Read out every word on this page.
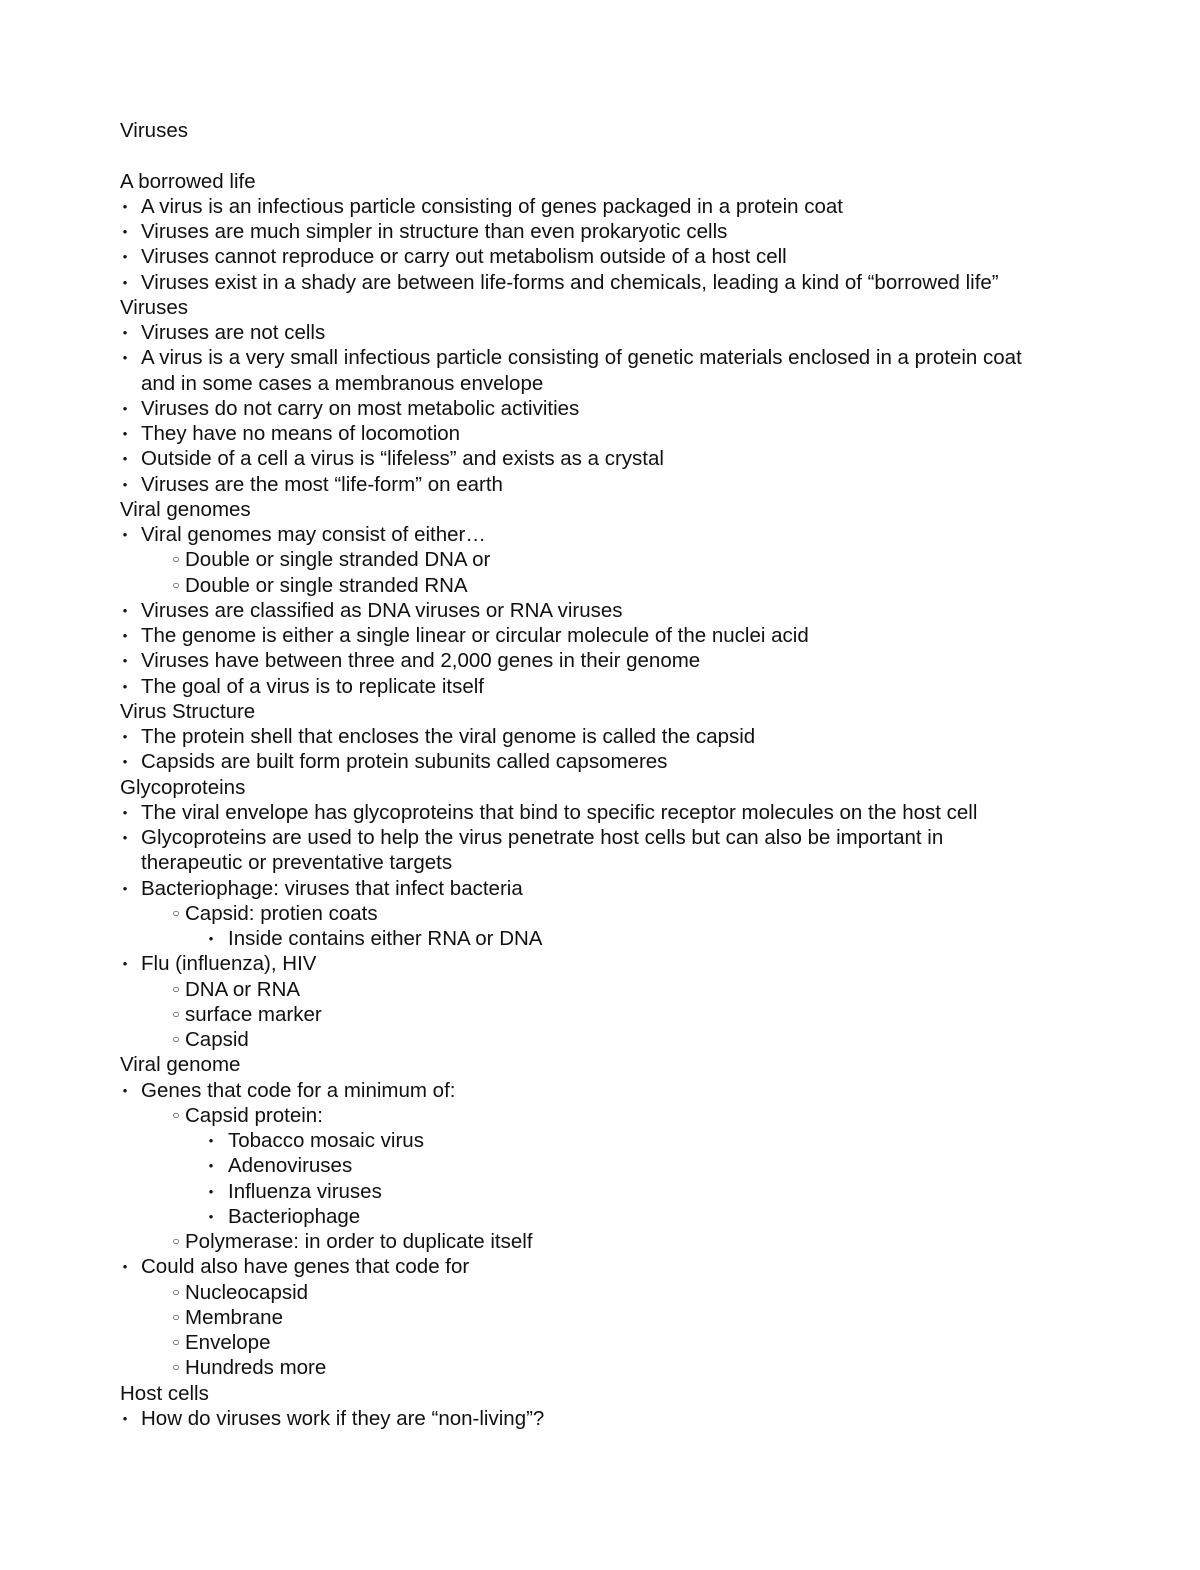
Viruses
A borrowed life
• A virus is an infectious particle consisting of genes packaged in a protein coat
• Viruses are much simpler in structure than even prokaryotic cells
• Viruses cannot reproduce or carry out metabolism outside of a host cell
• Viruses exist in a shady are between life-forms and chemicals, leading a kind of “borrowed life”
Viruses
• Viruses are not cells
• A virus is a very small infectious particle consisting of genetic materials enclosed in a protein coat
and in some cases a membranous envelope
• Viruses do not carry on most metabolic activities
• They have no means of locomotion
• Outside of a cell a virus is “lifeless” and exists as a crystal
• Viruses are the most “life-form” on earth
Viral genomes
• Viral genomes may consist of either…
○ Double or single stranded DNA or
○ Double or single stranded RNA
• Viruses are classified as DNA viruses or RNA viruses
• The genome is either a single linear or circular molecule of the nuclei acid
• Viruses have between three and 2,000 genes in their genome
• The goal of a virus is to replicate itself
Virus Structure
• The protein shell that encloses the viral genome is called the capsid
• Capsids are built form protein subunits called capsomeres
Glycoproteins
• The viral envelope has glycoproteins that bind to specific receptor molecules on the host cell
• Glycoproteins are used to help the virus penetrate host cells but can also be important in
therapeutic or preventative targets
• Bacteriophage: viruses that infect bacteria
○ Capsid: protien coats
• Inside contains either RNA or DNA
• Flu (influenza), HIV
○ DNA or RNA
○ surface marker
○ Capsid
Viral genome
• Genes that code for a minimum of:
○ Capsid protein:
• Tobacco mosaic virus
• Adenoviruses
• Influenza viruses
• Bacteriophage
○ Polymerase: in order to duplicate itself
• Could also have genes that code for
○ Nucleocapsid
○ Membrane
○ Envelope
○ Hundreds more
Host cells
• How do viruses work if they are “non-living”?
